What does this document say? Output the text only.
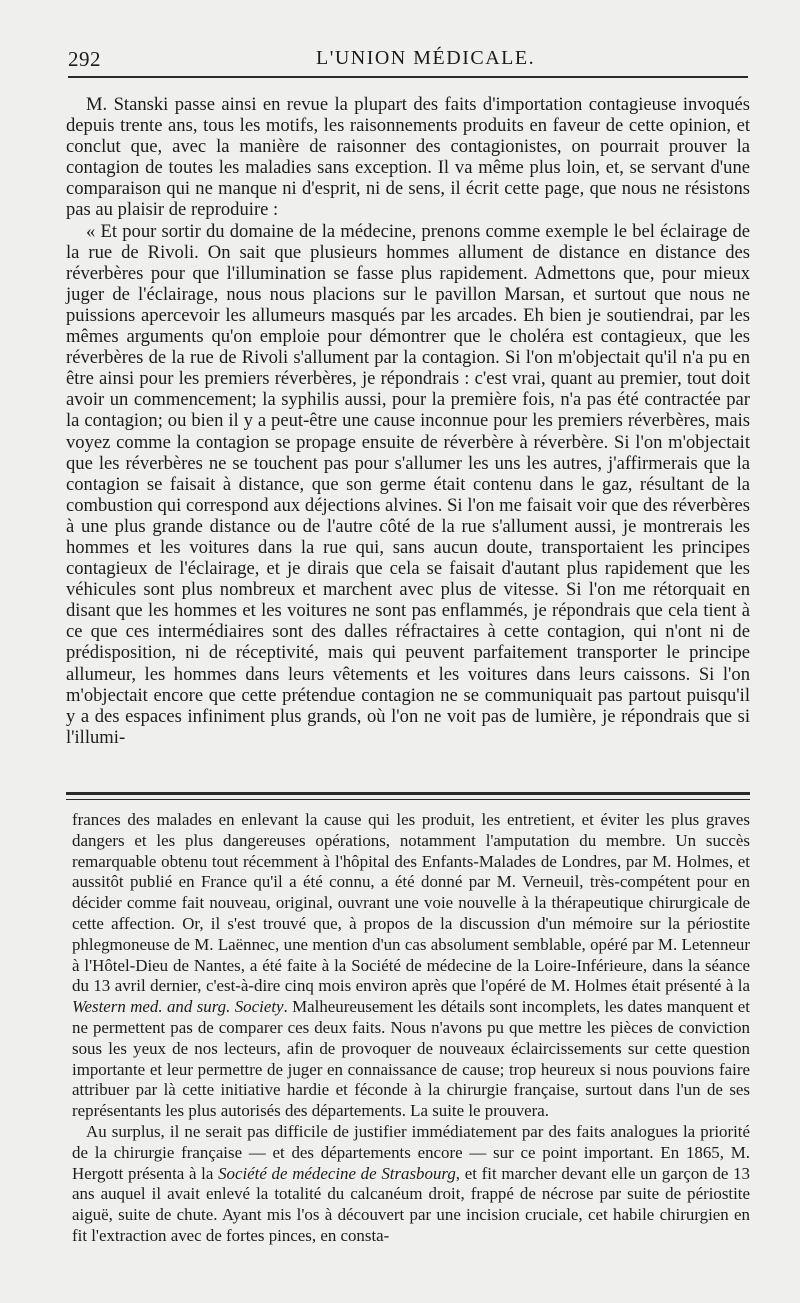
292	L'UNION MÉDICALE.

M. Stanski passe ainsi en revue la plupart des faits d'importation contagieuse invoqués depuis trente ans, tous les motifs, les raisonnements produits en faveur de cette opinion, et conclut que, avec la manière de raisonner des contagionistes, on pourrait prouver la contagion de toutes les maladies sans exception. Il va même plus loin, et, se servant d'une comparaison qui ne manque ni d'esprit, ni de sens, il écrit cette page, que nous ne résistons pas au plaisir de reproduire :

« Et pour sortir du domaine de la médecine, prenons comme exemple le bel éclairage de la rue de Rivoli. On sait que plusieurs hommes allument de distance en distance des réverbères pour que l'illumination se fasse plus rapidement. Admettons que, pour mieux juger de l'éclairage, nous nous placions sur le pavillon Marsan, et surtout que nous ne puissions apercevoir les allumeurs masqués par les arcades. Eh bien je soutiendrai, par les mêmes arguments qu'on emploie pour démontrer que le choléra est contagieux, que les réverbères de la rue de Rivoli s'allument par la contagion. Si l'on m'objectait qu'il n'a pu en être ainsi pour les premiers réverbères, je répondrais : c'est vrai, quant au premier, tout doit avoir un commencement; la syphilis aussi, pour la première fois, n'a pas été contractée par la contagion; ou bien il y a peut-être une cause inconnue pour les premiers réverbères, mais voyez comme la contagion se propage ensuite de réverbère à réverbère. Si l'on m'objectait que les réverbères ne se touchent pas pour s'allumer les uns les autres, j'affirmerais que la contagion se faisait à distance, que son germe était contenu dans le gaz, résultant de la combustion qui correspond aux déjections alvines. Si l'on me faisait voir que des réverbères à une plus grande distance ou de l'autre côté de la rue s'allument aussi, je montrerais les hommes et les voitures dans la rue qui, sans aucun doute, transportaient les principes contagieux de l'éclairage, et je dirais que cela se faisait d'autant plus rapidement que les véhicules sont plus nombreux et marchent avec plus de vitesse. Si l'on me rétorquait en disant que les hommes et les voitures ne sont pas enflammés, je répondrais que cela tient à ce que ces intermédiaires sont des dalles réfractaires à cette contagion, qui n'ont ni de prédisposition, ni de réceptivité, mais qui peuvent parfaitement transporter le principe allumeur, les hommes dans leurs vêtements et les voitures dans leurs caissons. Si l'on m'objectait encore que cette prétendue contagion ne se communiquait pas partout puisqu'il y a des espaces infiniment plus grands, où l'on ne voit pas de lumière, je répondrais que si l'illumi-

frances des malades en enlevant la cause qui les produit, les entretient, et éviter les plus graves dangers et les plus dangereuses opérations, notamment l'amputation du membre. Un succès remarquable obtenu tout récemment à l'hôpital des Enfants-Malades de Londres, par M. Holmes, et aussitôt publié en France qu'il a été connu, a été donné par M. Verneuil, très-compétent pour en décider comme fait nouveau, original, ouvrant une voie nouvelle à la thérapeutique chirurgicale de cette affection. Or, il s'est trouvé que, à propos de la discussion d'un mémoire sur la périostite phlegmoneuse de M. Laënnec, une mention d'un cas absolument semblable, opéré par M. Letenneur à l'Hôtel-Dieu de Nantes, a été faite à la Société de médecine de la Loire-Inférieure, dans la séance du 13 avril dernier, c'est-à-dire cinq mois environ après que l'opéré de M. Holmes était présenté à la Western med. and surg. Society. Malheureusement les détails sont incomplets, les dates manquent et ne permettent pas de comparer ces deux faits. Nous n'avons pu que mettre les pièces de conviction sous les yeux de nos lecteurs, afin de provoquer de nouveaux éclaircissements sur cette question importante et leur permettre de juger en connaissance de cause; trop heureux si nous pouvions faire attribuer par là cette initiative hardie et féconde à la chirurgie française, surtout dans l'un de ses représentants les plus autorisés des départements. La suite le prouvera.

Au surplus, il ne serait pas difficile de justifier immédiatement par des faits analogues la priorité de la chirurgie française — et des départements encore — sur ce point important. En 1865, M. Hergott présenta à la Société de médecine de Strasbourg, et fit marcher devant elle un garçon de 13 ans auquel il avait enlevé la totalité du calcanéum droit, frappé de nécrose par suite de périostite aiguë, suite de chute. Ayant mis l'os à découvert par une incision cruciale, cet habile chirurgien en fit l'extraction avec de fortes pinces, en consta-
